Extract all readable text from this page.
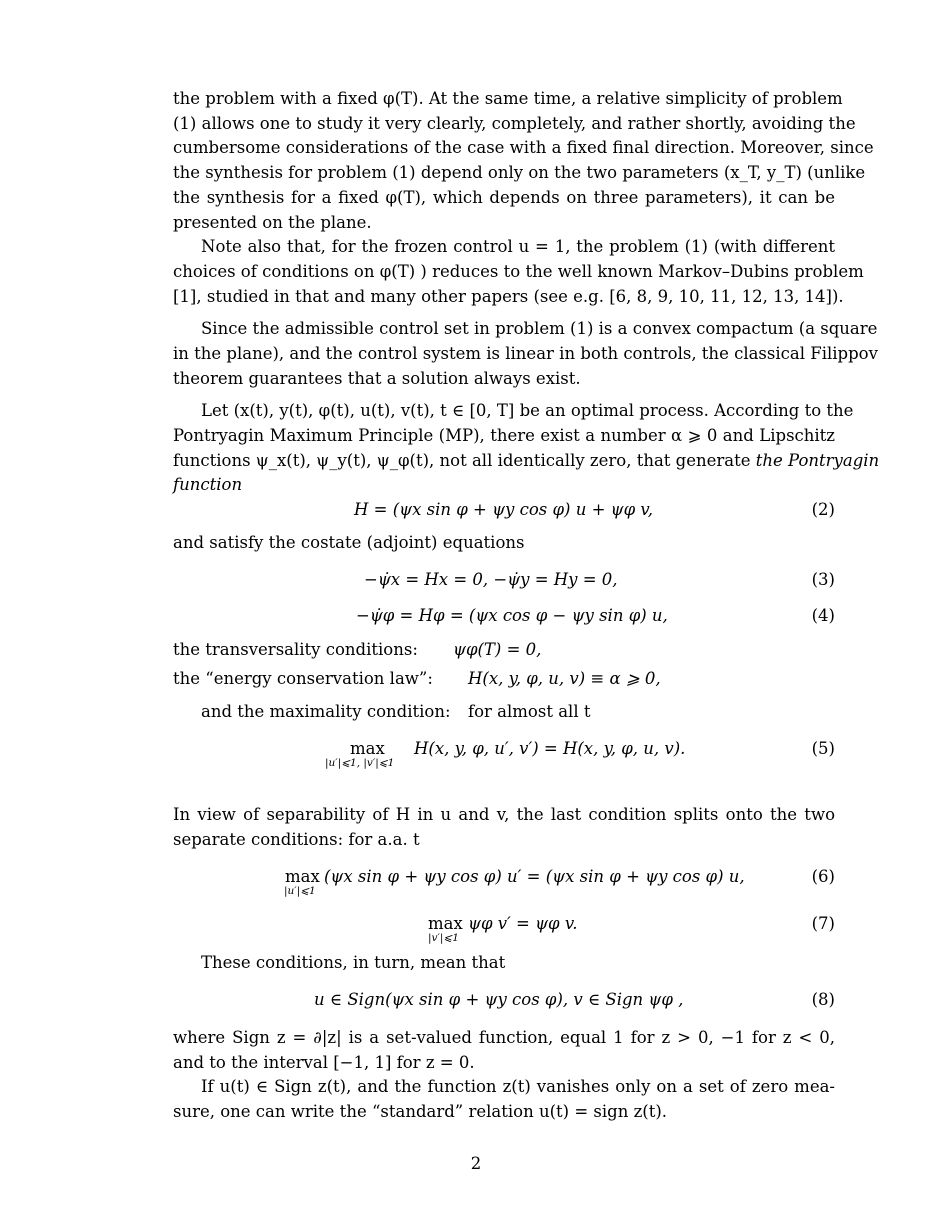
the problem with a fixed φ(T). At the same time, a relative simplicity of problem
(1) allows one to study it very clearly, completely, and rather shortly, avoiding the
cumbersome considerations of the case with a fixed final direction. Moreover, since
the synthesis for problem (1) depend only on the two parameters (x_T, y_T) (unlike
the synthesis for a fixed φ(T), which depends on three parameters), it can be
presented on the plane.
Note also that, for the frozen control u = 1, the problem (1) (with different
choices of conditions on φ(T) ) reduces to the well known Markov–Dubins problem
[1], studied in that and many other papers (see e.g. [6, 8, 9, 10, 11, 12, 13, 14]).
Since the admissible control set in problem (1) is a convex compactum (a square
in the plane), and the control system is linear in both controls, the classical Filippov
theorem guarantees that a solution always exist.
Let (x(t), y(t), φ(t), u(t), v(t), t ∈ [0, T] be an optimal process. According to the
Pontryagin Maximum Principle (MP), there exist a number α ⩾ 0 and Lipschitz
functions ψ_x(t), ψ_y(t), ψ_φ(t), not all identically zero, that generate the Pontryagin
function
H = (ψx sin φ + ψy cos φ) u + ψφ v,	(2)
and satisfy the costate (adjoint) equations
−ψ̇x = Hx = 0, −ψ̇y = Hy = 0,	(3)
−ψ̇φ = Hφ = (ψx cos φ − ψy sin φ) u,	(4)
the transversality conditions: ψφ(T) = 0,
the “energy conservation law”: H(x, y, φ, u, v) ≡ α ⩾ 0,
and the maximality condition: for almost all t
max
|u′|⩽1, |v′|⩽1
H(x, y, φ, u′, v′) = H(x, y, φ, u, v).	(5)
In view of separability of H in u and v, the last condition splits onto the two
separate conditions: for a.a. t
max
|u′|⩽1
(ψx sin φ + ψy cos φ) u′ = (ψx sin φ + ψy cos φ) u,	(6)
max
|v′|⩽1
ψφ v′ = ψφ v.	(7)
These conditions, in turn, mean that
u ∈ Sign(ψx sin φ + ψy cos φ), v ∈ Sign ψφ ,	(8)
where Sign z = ∂|z| is a set-valued function, equal 1 for z > 0, −1 for z < 0,
and to the interval [−1, 1] for z = 0.
If u(t) ∈ Sign z(t), and the function z(t) vanishes only on a set of zero mea-
sure, one can write the “standard” relation u(t) = sign z(t).
2
